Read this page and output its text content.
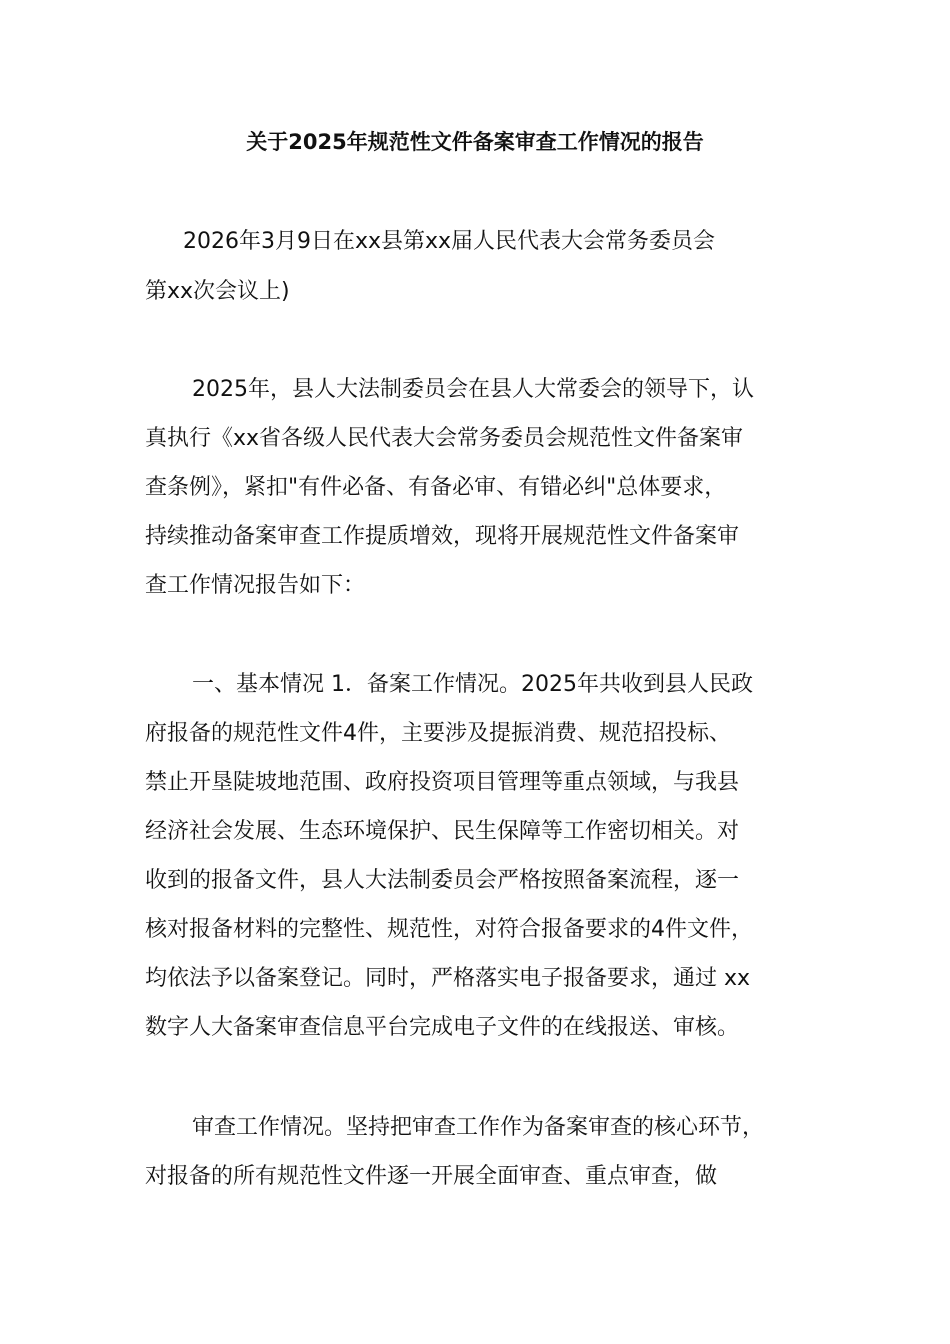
关于2025年规范性文件备案审查工作情况的报告
2026年3月9日在xx县第xx届人民代表大会常务委员会
第xx次会议上)
2025年，县人大法制委员会在县人大常委会的领导下，认
真执行《xx省各级人民代表大会常务委员会规范性文件备案审
查条例》，紧扣"有件必备、有备必审、有错必纠"总体要求，
持续推动备案审查工作提质增效，现将开展规范性文件备案审
查工作情况报告如下：
一、基本情况 1．备案工作情况。2025年共收到县人民政
府报备的规范性文件4件，主要涉及提振消费、规范招投标、
禁止开垦陡坡地范围、政府投资项目管理等重点领域，与我县
经济社会发展、生态环境保护、民生保障等工作密切相关。对
收到的报备文件，县人大法制委员会严格按照备案流程，逐一
核对报备材料的完整性、规范性，对符合报备要求的4件文件，
均依法予以备案登记。同时，严格落实电子报备要求，通过 xx
数字人大备案审查信息平台完成电子文件的在线报送、审核。
审查工作情况。坚持把审查工作作为备案审查的核心环节，
对报备的所有规范性文件逐一开展全面审查、重点审查，做
